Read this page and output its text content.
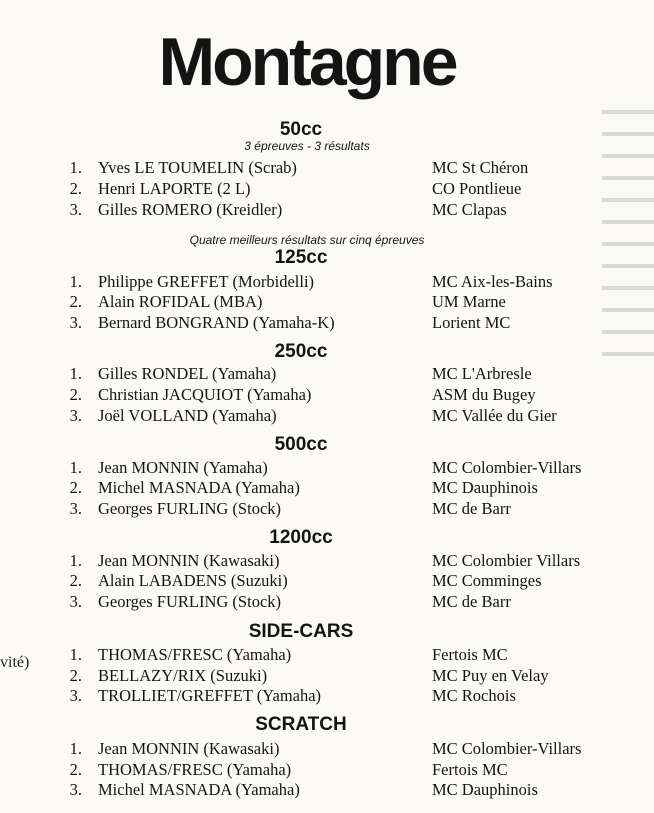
vité)
Montagne
50cc
3 épreuves - 3 résultats
1. Yves LE TOUMELIN (Scrab)	MC St Chéron
2. Henri LAPORTE (2 L)	CO Pontlieue
3. Gilles ROMERO (Kreidler)	MC Clapas
Quatre meilleurs résultats sur cinq épreuves
125cc
1. Philippe GREFFET (Morbidelli)	MC Aix-les-Bains
2. Alain ROFIDAL (MBA)	UM Marne
3. Bernard BONGRAND (Yamaha-K)	Lorient MC
250cc
1. Gilles RONDEL (Yamaha)	MC L'Arbresle
2. Christian JACQUIOT (Yamaha)	ASM du Bugey
3. Joël VOLLAND (Yamaha)	MC Vallée du Gier
500cc
1. Jean MONNIN (Yamaha)	MC Colombier-Villars
2. Michel MASNADA (Yamaha)	MC Dauphinois
3. Georges FURLING (Stock)	MC de Barr
1200cc
1. Jean MONNIN (Kawasaki)	MC Colombier Villars
2. Alain LABADENS (Suzuki)	MC Comminges
3. Georges FURLING (Stock)	MC de Barr
SIDE-CARS
1. THOMAS/FRESC (Yamaha)	Fertois MC
2. BELLAZY/RIX (Suzuki)	MC Puy en Velay
3. TROLLIET/GREFFET (Yamaha)	MC Rochois
SCRATCH
1. Jean MONNIN (Kawasaki)	MC Colombier-Villars
2. THOMAS/FRESC (Yamaha)	Fertois MC
3. Michel MASNADA (Yamaha)	MC Dauphinois
